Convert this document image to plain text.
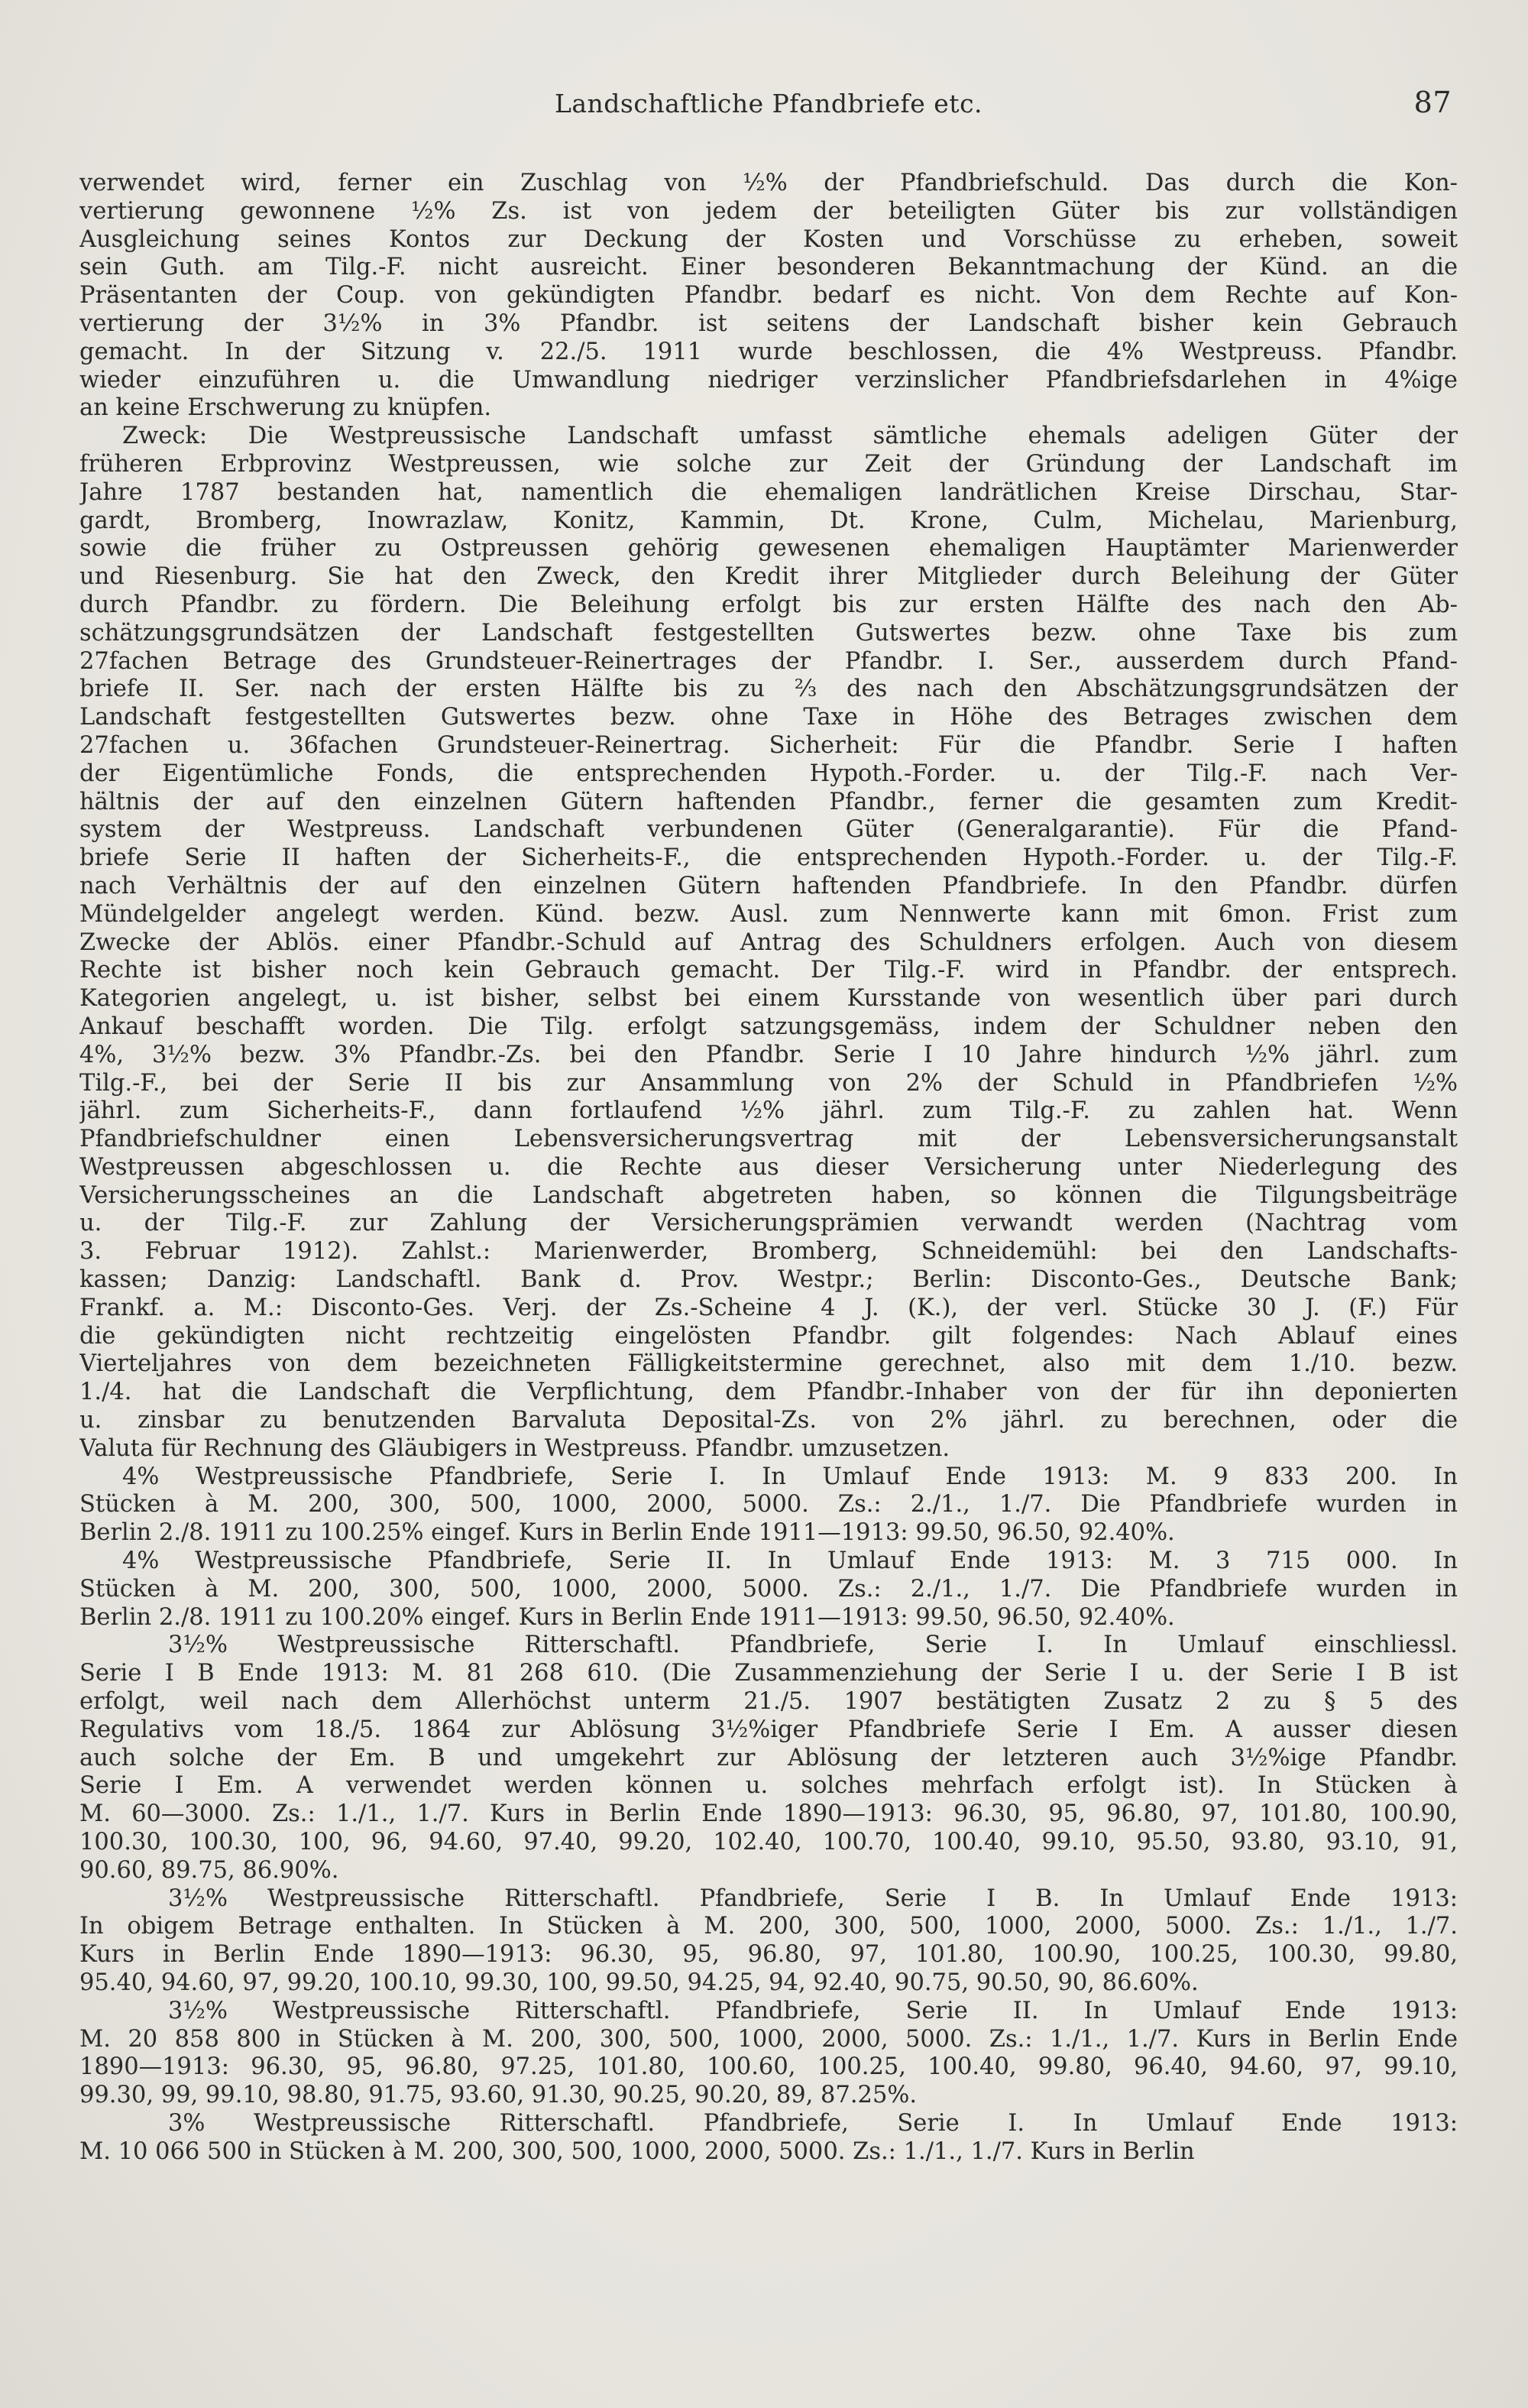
Landschaftliche Pfandbriefe etc.	87
verwendet wird, ferner ein Zuschlag von ½% der Pfandbriefschuld. Das durch die Kon-
vertierung gewonnene ½% Zs. ist von jedem der beteiligten Güter bis zur vollständigen
Ausgleichung seines Kontos zur Deckung der Kosten und Vorschüsse zu erheben, soweit
sein Guth. am Tilg.-F. nicht ausreicht. Einer besonderen Bekanntmachung der Künd. an die
Präsentanten der Coup. von gekündigten Pfandbr. bedarf es nicht. Von dem Rechte auf Kon-
vertierung der 3½% in 3% Pfandbr. ist seitens der Landschaft bisher kein Gebrauch
gemacht. In der Sitzung v. 22./5. 1911 wurde beschlossen, die 4% Westpreuss. Pfandbr.
wieder einzuführen u. die Umwandlung niedriger verzinslicher Pfandbriefsdarlehen in 4%ige
an keine Erschwerung zu knüpfen.
Zweck: Die Westpreussische Landschaft umfasst sämtliche ehemals adeligen Güter der
früheren Erbprovinz Westpreussen, wie solche zur Zeit der Gründung der Landschaft im
Jahre 1787 bestanden hat, namentlich die ehemaligen landrätlichen Kreise Dirschau, Star-
gardt, Bromberg, Inowrazlaw, Konitz, Kammin, Dt. Krone, Culm, Michelau, Marienburg,
sowie die früher zu Ostpreussen gehörig gewesenen ehemaligen Hauptämter Marienwerder
und Riesenburg. Sie hat den Zweck, den Kredit ihrer Mitglieder durch Beleihung der Güter
durch Pfandbr. zu fördern. Die Beleihung erfolgt bis zur ersten Hälfte des nach den Ab-
schätzungsgrundsätzen der Landschaft festgestellten Gutswertes bezw. ohne Taxe bis zum
27fachen Betrage des Grundsteuer-Reinertrages der Pfandbr. I. Ser., ausserdem durch Pfand-
briefe II. Ser. nach der ersten Hälfte bis zu ⅔ des nach den Abschätzungsgrundsätzen der
Landschaft festgestellten Gutswertes bezw. ohne Taxe in Höhe des Betrages zwischen dem
27fachen u. 36fachen Grundsteuer-Reinertrag. Sicherheit: Für die Pfandbr. Serie I haften
der Eigentümliche Fonds, die entsprechenden Hypoth.-Forder. u. der Tilg.-F. nach Ver-
hältnis der auf den einzelnen Gütern haftenden Pfandbr., ferner die gesamten zum Kredit-
system der Westpreuss. Landschaft verbundenen Güter (Generalgarantie). Für die Pfand-
briefe Serie II haften der Sicherheits-F., die entsprechenden Hypoth.-Forder. u. der Tilg.-F.
nach Verhältnis der auf den einzelnen Gütern haftenden Pfandbriefe. In den Pfandbr. dürfen
Mündelgelder angelegt werden. Künd. bezw. Ausl. zum Nennwerte kann mit 6mon. Frist zum
Zwecke der Ablös. einer Pfandbr.-Schuld auf Antrag des Schuldners erfolgen. Auch von diesem
Rechte ist bisher noch kein Gebrauch gemacht. Der Tilg.-F. wird in Pfandbr. der entsprech.
Kategorien angelegt, u. ist bisher, selbst bei einem Kursstande von wesentlich über pari durch
Ankauf beschafft worden. Die Tilg. erfolgt satzungsgemäss, indem der Schuldner neben den
4%, 3½% bezw. 3% Pfandbr.-Zs. bei den Pfandbr. Serie I 10 Jahre hindurch ½% jährl. zum
Tilg.-F., bei der Serie II bis zur Ansammlung von 2% der Schuld in Pfandbriefen ½%
jährl. zum Sicherheits-F., dann fortlaufend ½% jährl. zum Tilg.-F. zu zahlen hat. Wenn
Pfandbriefschuldner einen Lebensversicherungsvertrag mit der Lebensversicherungsanstalt
Westpreussen abgeschlossen u. die Rechte aus dieser Versicherung unter Niederlegung des
Versicherungsscheines an die Landschaft abgetreten haben, so können die Tilgungsbeiträge
u. der Tilg.-F. zur Zahlung der Versicherungsprämien verwandt werden (Nachtrag vom
3. Februar 1912). Zahlst.: Marienwerder, Bromberg, Schneidemühl: bei den Landschafts-
kassen; Danzig: Landschaftl. Bank d. Prov. Westpr.; Berlin: Disconto-Ges., Deutsche Bank;
Frankf. a. M.: Disconto-Ges. Verj. der Zs.-Scheine 4 J. (K.), der verl. Stücke 30 J. (F.) Für
die gekündigten nicht rechtzeitig eingelösten Pfandbr. gilt folgendes: Nach Ablauf eines
Vierteljahres von dem bezeichneten Fälligkeitstermine gerechnet, also mit dem 1./10. bezw.
1./4. hat die Landschaft die Verpflichtung, dem Pfandbr.-Inhaber von der für ihn deponierten
u. zinsbar zu benutzenden Barvaluta Deposital-Zs. von 2% jährl. zu berechnen, oder die
Valuta für Rechnung des Gläubigers in Westpreuss. Pfandbr. umzusetzen.
4% Westpreussische Pfandbriefe, Serie I. In Umlauf Ende 1913: M. 9 833 200. In
Stücken à M. 200, 300, 500, 1000, 2000, 5000. Zs.: 2./1., 1./7. Die Pfandbriefe wurden in
Berlin 2./8. 1911 zu 100.25% eingef. Kurs in Berlin Ende 1911—1913: 99.50, 96.50, 92.40%.
4% Westpreussische Pfandbriefe, Serie II. In Umlauf Ende 1913: M. 3 715 000. In
Stücken à M. 200, 300, 500, 1000, 2000, 5000. Zs.: 2./1., 1./7. Die Pfandbriefe wurden in
Berlin 2./8. 1911 zu 100.20% eingef. Kurs in Berlin Ende 1911—1913: 99.50, 96.50, 92.40%.
3½% Westpreussische Ritterschaftl. Pfandbriefe, Serie I. In Umlauf einschliessl.
Serie I B Ende 1913: M. 81 268 610. (Die Zusammenziehung der Serie I u. der Serie I B ist
erfolgt, weil nach dem Allerhöchst unterm 21./5. 1907 bestätigten Zusatz 2 zu § 5 des
Regulativs vom 18./5. 1864 zur Ablösung 3½%iger Pfandbriefe Serie I Em. A ausser diesen
auch solche der Em. B und umgekehrt zur Ablösung der letzteren auch 3½%ige Pfandbr.
Serie I Em. A verwendet werden können u. solches mehrfach erfolgt ist). In Stücken à
M. 60—3000. Zs.: 1./1., 1./7. Kurs in Berlin Ende 1890—1913: 96.30, 95, 96.80, 97, 101.80, 100.90,
100.30, 100.30, 100, 96, 94.60, 97.40, 99.20, 102.40, 100.70, 100.40, 99.10, 95.50, 93.80, 93.10, 91,
90.60, 89.75, 86.90%.
3½% Westpreussische Ritterschaftl. Pfandbriefe, Serie I B. In Umlauf Ende 1913:
In obigem Betrage enthalten. In Stücken à M. 200, 300, 500, 1000, 2000, 5000. Zs.: 1./1., 1./7.
Kurs in Berlin Ende 1890—1913: 96.30, 95, 96.80, 97, 101.80, 100.90, 100.25, 100.30, 99.80,
95.40, 94.60, 97, 99.20, 100.10, 99.30, 100, 99.50, 94.25, 94, 92.40, 90.75, 90.50, 90, 86.60%.
3½% Westpreussische Ritterschaftl. Pfandbriefe, Serie II. In Umlauf Ende 1913:
M. 20 858 800 in Stücken à M. 200, 300, 500, 1000, 2000, 5000. Zs.: 1./1., 1./7. Kurs in Berlin Ende
1890—1913: 96.30, 95, 96.80, 97.25, 101.80, 100.60, 100.25, 100.40, 99.80, 96.40, 94.60, 97, 99.10,
99.30, 99, 99.10, 98.80, 91.75, 93.60, 91.30, 90.25, 90.20, 89, 87.25%.
3% Westpreussische Ritterschaftl. Pfandbriefe, Serie I. In Umlauf Ende 1913:
M. 10 066 500 in Stücken à M. 200, 300, 500, 1000, 2000, 5000. Zs.: 1./1., 1./7. Kurs in Berlin
